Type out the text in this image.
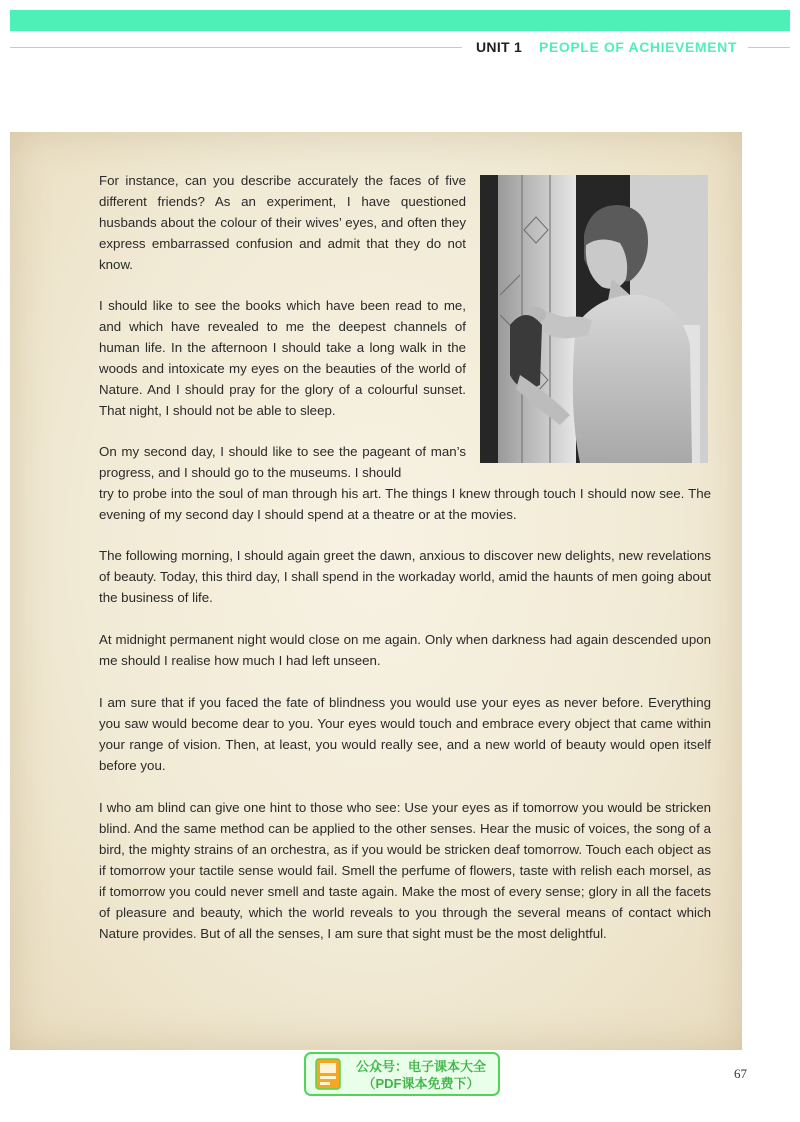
UNIT 1 PEOPLE OF ACHIEVEMENT
For instance, can you describe accurately the faces of five different friends? As an experiment, I have questioned husbands about the colour of their wives’ eyes, and often they express embarrassed confusion and admit that they do not know.
I should like to see the books which have been read to me, and which have revealed to me the deepest channels of human life. In the afternoon I should take a long walk in the woods and intoxicate my eyes on the beauties of the world of Nature. And I should pray for the glory of a colourful sunset. That night, I should not be able to sleep.
On my second day, I should like to see the pageant of man’s progress, and I should go to the museums. I should
try to probe into the soul of man through his art. The things I knew through touch I should now see. The evening of my second day I should spend at a theatre or at the movies.
The following morning, I should again greet the dawn, anxious to discover new delights, new revelations of beauty. Today, this third day, I shall spend in the workaday world, amid the haunts of men going about the business of life.
At midnight permanent night would close on me again. Only when darkness had again descended upon me should I realise how much I had left unseen.
I am sure that if you faced the fate of blindness you would use your eyes as never before. Everything you saw would become dear to you. Your eyes would touch and embrace every object that came within your range of vision. Then, at least, you would really see, and a new world of beauty would open itself before you.
I who am blind can give one hint to those who see: Use your eyes as if tomorrow you would be stricken blind. And the same method can be applied to the other senses. Hear the music of voices, the song of a bird, the mighty strains of an orchestra, as if you would be stricken deaf tomorrow. Touch each object as if tomorrow your tactile sense would fail. Smell the perfume of flowers, taste with relish each morsel, as if tomorrow you could never smell and taste again. Make the most of every sense; glory in all the facets of pleasure and beauty, which the world reveals to you through the several means of contact which Nature provides. But of all the senses, I am sure that sight must be the most delightful.
67
公众号：电子课本大全
（PDF课本免费下）
